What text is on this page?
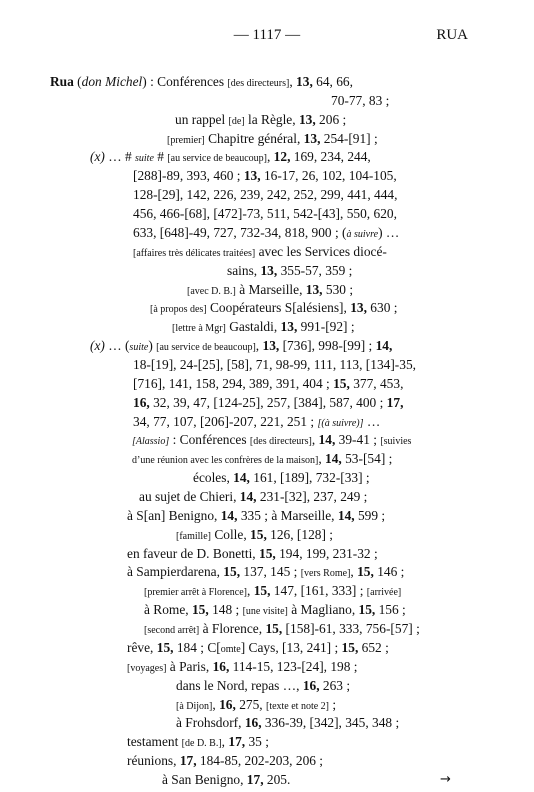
— 1117 —	RUA
Rua (don Michel) : Conférences [des directeurs], 13, 64, 66,
70-77, 83 ;
un rappel [de] la Règle, 13, 206 ;
[premier] Chapitre général, 13, 254-[91] ;
(x) … # suite # [au service de beaucoup], 12, 169, 234, 244,
[288]-89, 393, 460 ; 13, 16-17, 26, 102, 104-105,
128-[29], 142, 226, 239, 242, 252, 299, 441, 444,
456, 466-[68], [472]-73, 511, 542-[43], 550, 620,
633, [648]-49, 727, 732-34, 818, 900 ; (à suivre) …
[affaires très délicates traitées] avec les Services diocé-
sains, 13, 355-57, 359 ;
[avec D. B.] à Marseille, 13, 530 ;
[à propos des] Coopérateurs S[alésiens], 13, 630 ;
[lettre à Mgr] Gastaldi, 13, 991-[92] ;
(x) … (suite) [au service de beaucoup], 13, [736], 998-[99] ; 14,
18-[19], 24-[25], [58], 71, 98-99, 111, 113, [134]-35,
[716], 141, 158, 294, 389, 391, 404 ; 15, 377, 453,
16, 32, 39, 47, [124-25], 257, [384], 587, 400 ; 17,
34, 77, 107, [206]-207, 221, 251 ; [(à suivre)] …
[Alassio] : Conférences [des directeurs], 14, 39-41 ; [suivies
d’une réunion avec les confrères de la maison], 14, 53-[54] ;
écoles, 14, 161, [189], 732-[33] ;
au sujet de Chieri, 14, 231-[32], 237, 249 ;
à S[an] Benigno, 14, 335 ; à Marseille, 14, 599 ;
[famille] Colle, 15, 126, [128] ;
en faveur de D. Bonetti, 15, 194, 199, 231-32 ;
à Sampierdarena, 15, 137, 145 ; [vers Rome], 15, 146 ;
[premier arrêt à Florence], 15, 147, [161, 333] ; [arrivée]
à Rome, 15, 148 ; [une visite] à Magliano, 15, 156 ;
[second arrêt] à Florence, 15, [158]-61, 333, 756-[57] ;
rêve, 15, 184 ; C[omte] Cays, [13, 241] ; 15, 652 ;
[voyages] à Paris, 16, 114-15, 123-[24], 198 ;
dans le Nord, repas …, 16, 263 ;
[à Dijon], 16, 275, [texte et note 2] ;
à Frohsdorf, 16, 336-39, [342], 345, 348 ;
testament [de D. B.], 17, 35 ;
réunions, 17, 184-85, 202-203, 206 ;
à San Benigno, 17, 205.	→
